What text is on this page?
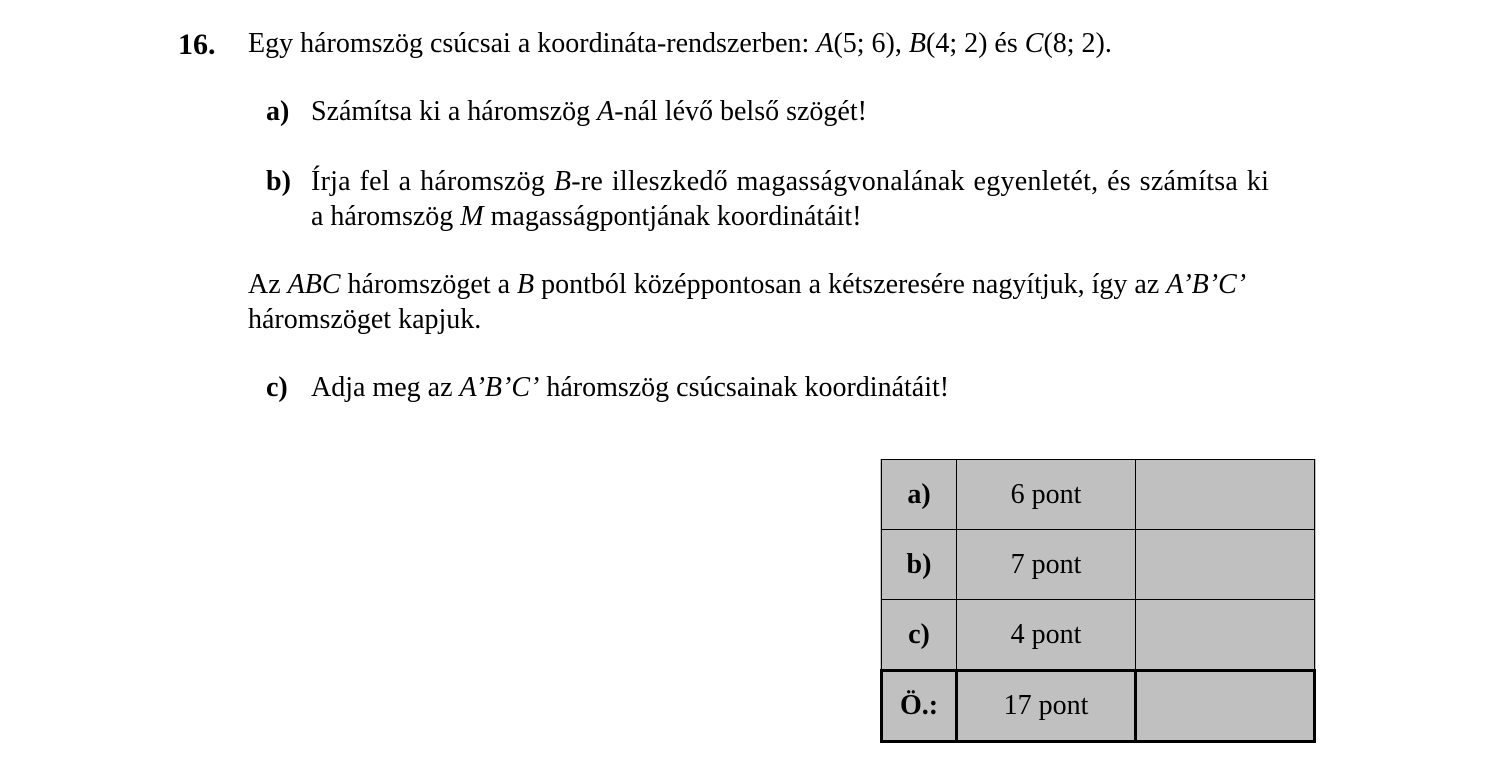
16. Egy háromszög csúcsai a koordináta-rendszerben: A(5; 6), B(4; 2) és C(8; 2).
a) Számítsa ki a háromszög A-nál lévő belső szögét!
b) Írja fel a háromszög B-re illeszkedő magasságvonalának egyenletét, és számítsa ki
a háromszög M magasságpontjának koordinátáit!
Az ABC háromszöget a B pontból középpontosan a kétszeresére nagyítjuk, így az A’B’C’
háromszöget kapjuk.
c) Adja meg az A’B’C’ háromszög csúcsainak koordinátáit!
a)	6 pont	
b)	7 pont	
c)	4 pont	
Ö.:	17 pont	
